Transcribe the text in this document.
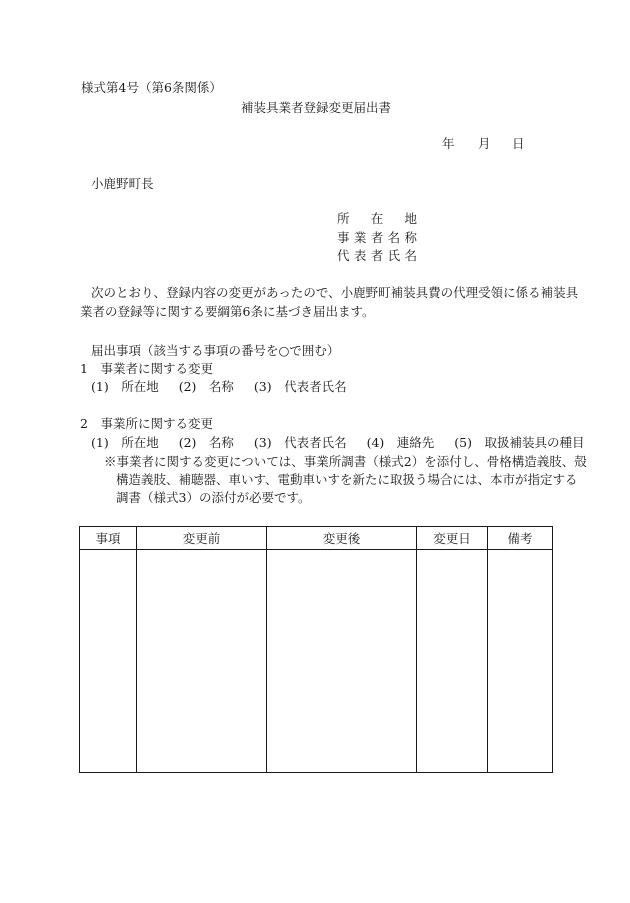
様式第4号（第6条関係）
補装具業者登録変更届出書
年 月 日
小鹿野町長
所 在 地
事 業 者 名 称
代 表 者 氏 名
次のとおり、登録内容の変更があったので、小鹿野町補装具費の代理受領に係る補装具
業者の登録等に関する要綱第6条に基づき届出ます。
届出事項（該当する事項の番号を○で囲む）
1　事業者に関する変更
(1)　所在地 (2)　名称 (3)　代表者氏名
2　事業所に関する変更
(1)　所在地 (2)　名称 (3)　代表者氏名 (4)　連絡先 (5)　取扱補装具の種目
※事業者に関する変更については、事業所調書（様式2）を添付し、骨格構造義肢、殻
構造義肢、補聴器、車いす、電動車いすを新たに取扱う場合には、本市が指定する
調書（様式3）の添付が必要です。
事項	変更前	変更後	変更日	備考
